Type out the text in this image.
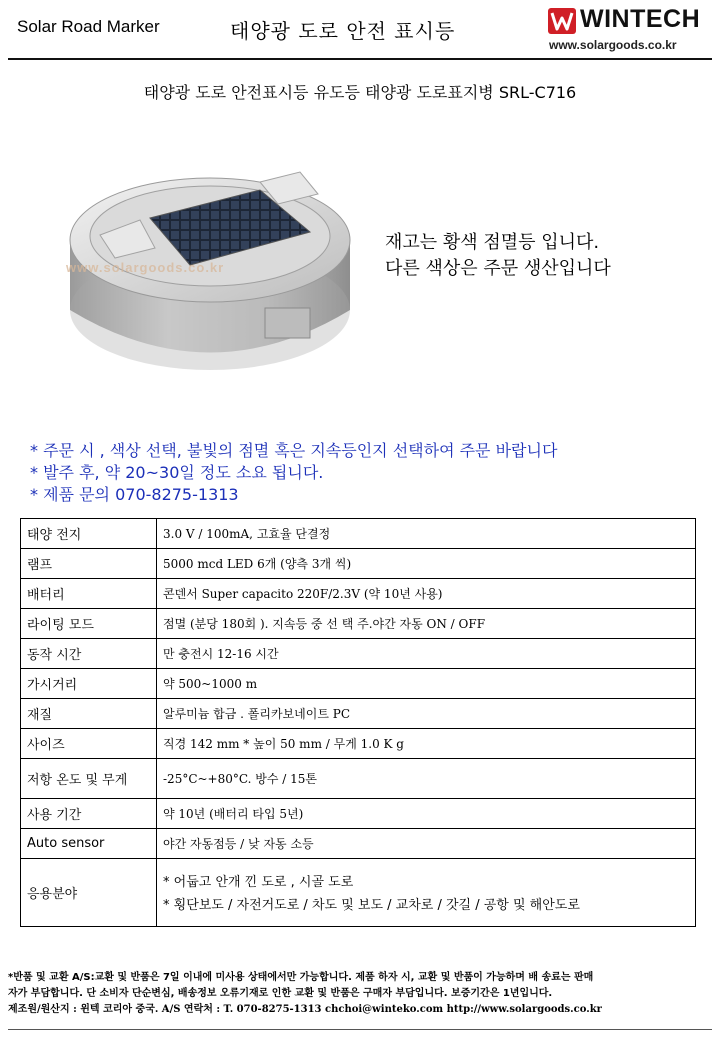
Solar Road Marker	태양광 도로 안전 표시등	WINTECH
www.solargoods.co.kr
태양광 도로 안전표시등 유도등 태양광 도로표지병 SRL-C716
www.solargoods.co.kr
재고는 황색 점멸등 입니다.
다른 색상은 주문 생산입니다
* 주문 시 , 색상 선택, 불빛의 점멸 혹은 지속등인지 선택하여 주문 바랍니다
* 발주 후, 약 20~30일 정도 소요 됩니다.
* 제품 문의 070-8275-1313
태양 전지	3.0 V / 100mA, 고효율 단결정
램프	5000 mcd LED 6개 (양측 3개 씩)
배터리	콘덴서 Super capacito 220F/2.3V (약 10년 사용)
라이팅 모드	점멸 (분당 180회 ). 지속등 중 선 택 주.야간 자동 ON / OFF
동작 시간	만 충전시 12-16 시간
가시거리	약 500~1000 m
재질	알루미늄 합금 . 폴리카보네이트 PC
사이즈	직경 142 mm * 높이 50 mm / 무게 1.0 K g
저항 온도 및 무게	-25°C~+80°C. 방수 / 15톤
사용 기간	약 10년 (배터리 타입 5년)
Auto sensor	야간 자동점등 / 낮 자동 소등
응용분야	* 어둡고 안개 낀 도로 , 시골 도로
* 횡단보도 / 자전거도로 / 차도 및 보도 / 교차로 / 갓길 / 공항 및 해안도로
*반품 및 교환 A/S:교환 및 반품은 7일 이내에 미사용 상태에서만 가능합니다. 제품 하자 시, 교환 및 반품이 가능하며 배 송료는 판매
자가 부담합니다. 단 소비자 단순변심, 배송정보 오류기재로 인한 교환 및 반품은 구매자 부담입니다. 보증기간은 1년입니다.
제조원/원산지 : 윈텍 코리아 중국. A/S 연락처 : T. 070-8275-1313 chchoi@winteko.com http://www.solargoods.co.kr
